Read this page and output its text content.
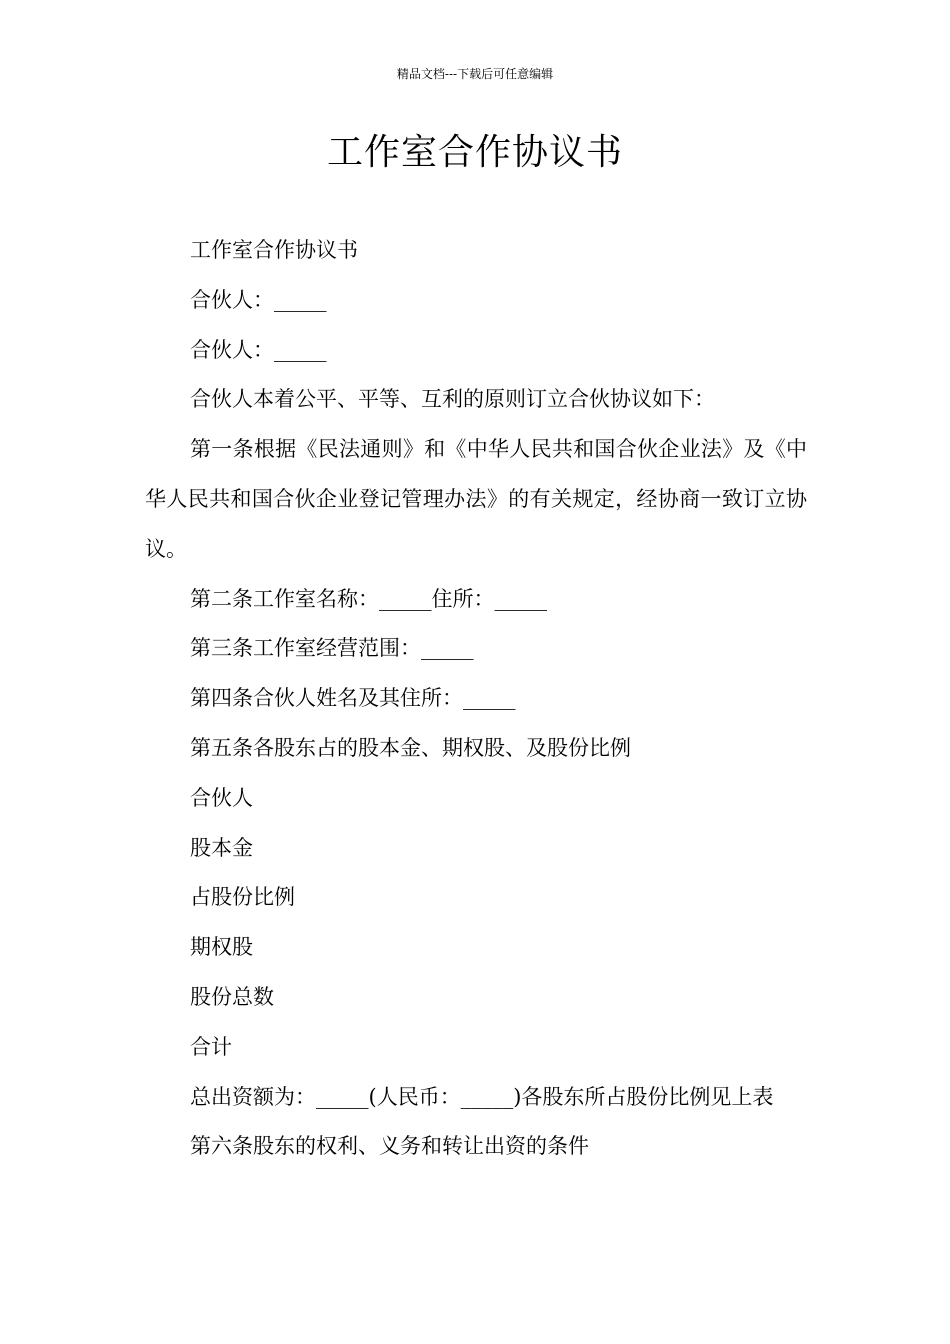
精品文档---下载后可任意编辑
工作室合作协议书

工作室合作协议书

合伙人：_____

合伙人：_____

合伙人本着公平、平等、互利的原则订立合伙协议如下：

第一条根据《民法通则》和《中华人民共和国合伙企业法》及《中华人民共和国合伙企业登记管理办法》的有关规定，经协商一致订立协议。

第二条工作室名称：_____住所：_____

第三条工作室经营范围：_____

第四条合伙人姓名及其住所：_____

第五条各股东占的股本金、期权股、及股份比例

合伙人

股本金

占股份比例

期权股

股份总数

合计

总出资额为：_____(人民币：_____)各股东所占股份比例见上表

第六条股东的权利、义务和转让出资的条件
